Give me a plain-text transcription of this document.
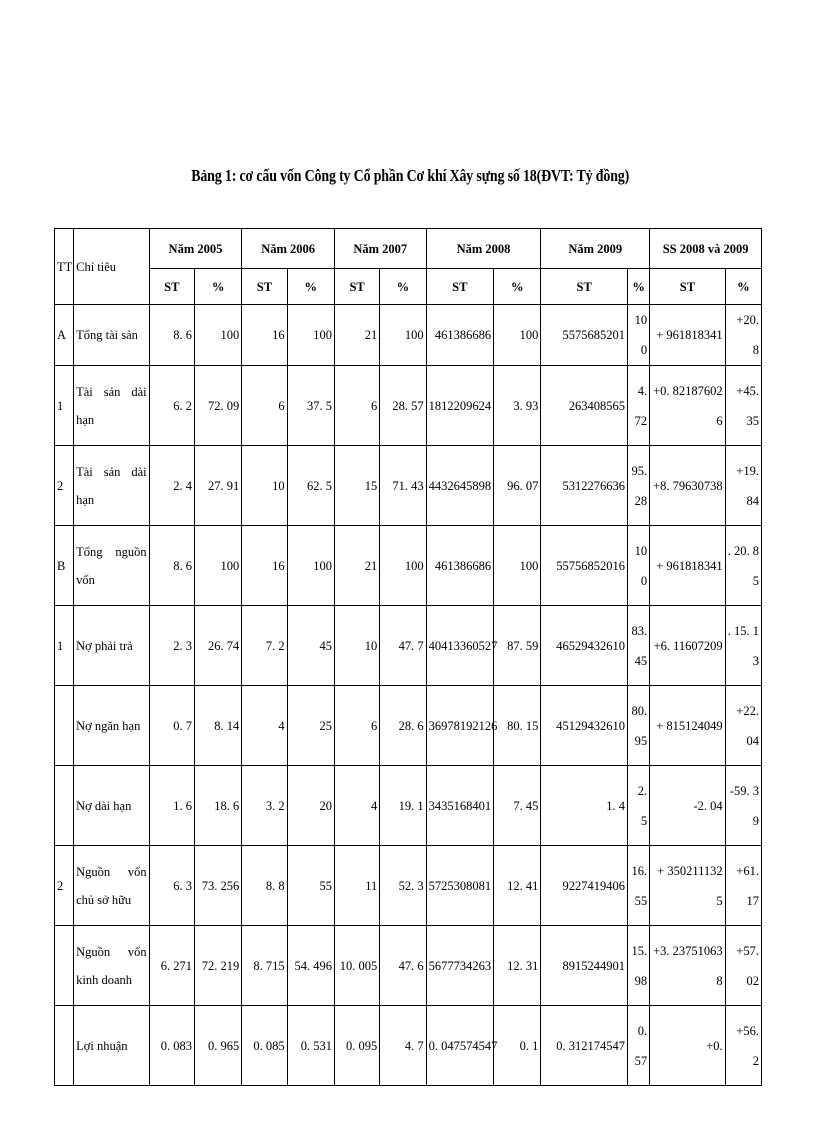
Bảng 1: cơ cấu vốn Công ty Cổ phần Cơ khí Xây sựng số 18(ĐVT: Tỷ đồng)
TT	Chỉ tiêu	Năm 2005		Năm 2006		Năm 2007		Năm 2008		Năm 2009		SS 2008 và 2009	
		ST	%	ST	%	ST	%	ST	%	ST	%	ST	%
A	Tổng tài sản	8. 6	100	16	100	21	100	461386686	100	5575685201	100	+ 961818341	+20. 8
1	Tài sản dài hạn	6. 2	72. 09	6	37. 5	6	28. 57	1812209624	3. 93	263408565	4. 72	+0. 821876026	+45. 35
2	Tài sản dài hạn	2. 4	27. 91	10	62. 5	15	71. 43	4432645898	96. 07	5312276636	95. 28	+8. 79630738	+19. 84
B	Tổng nguồn vốn	8. 6	100	16	100	21	100	461386686	100	55756852016	100	+ 961818341	. 20. 85
1	Nợ phải trả	2. 3	26. 74	7. 2	45	10	47. 7	40413360527	87. 59	46529432610	83. 45	+6. 11607209	. 15. 13
	Nợ ngăn hạn	0. 7	8. 14	4	25	6	28. 6	36978192126	80. 15	45129432610	80. 95	+ 815124049	+22. 04
	Nợ dài hạn	1. 6	18. 6	3. 2	20	4	19. 1	3435168401	7. 45	1. 4	2. 5	-2. 04	-59. 39
2	Nguồn vốn chủ sở hữu	6. 3	73. 256	8. 8	55	11	52. 3	5725308081	12. 41	9227419406	16. 55	+ 3502111325	+61. 17
	Nguồn vốn kinh doanh	6. 271	72. 219	8. 715	54. 496	10. 005	47. 6	5677734263	12. 31	8915244901	15. 98	+3. 237510638	+57. 02
	Lợi nhuận	0. 083	0. 965	0. 085	0. 531	0. 095	4. 7	0. 047574547	0. 1	0. 312174547	0. 57	+0.	+56. 2
